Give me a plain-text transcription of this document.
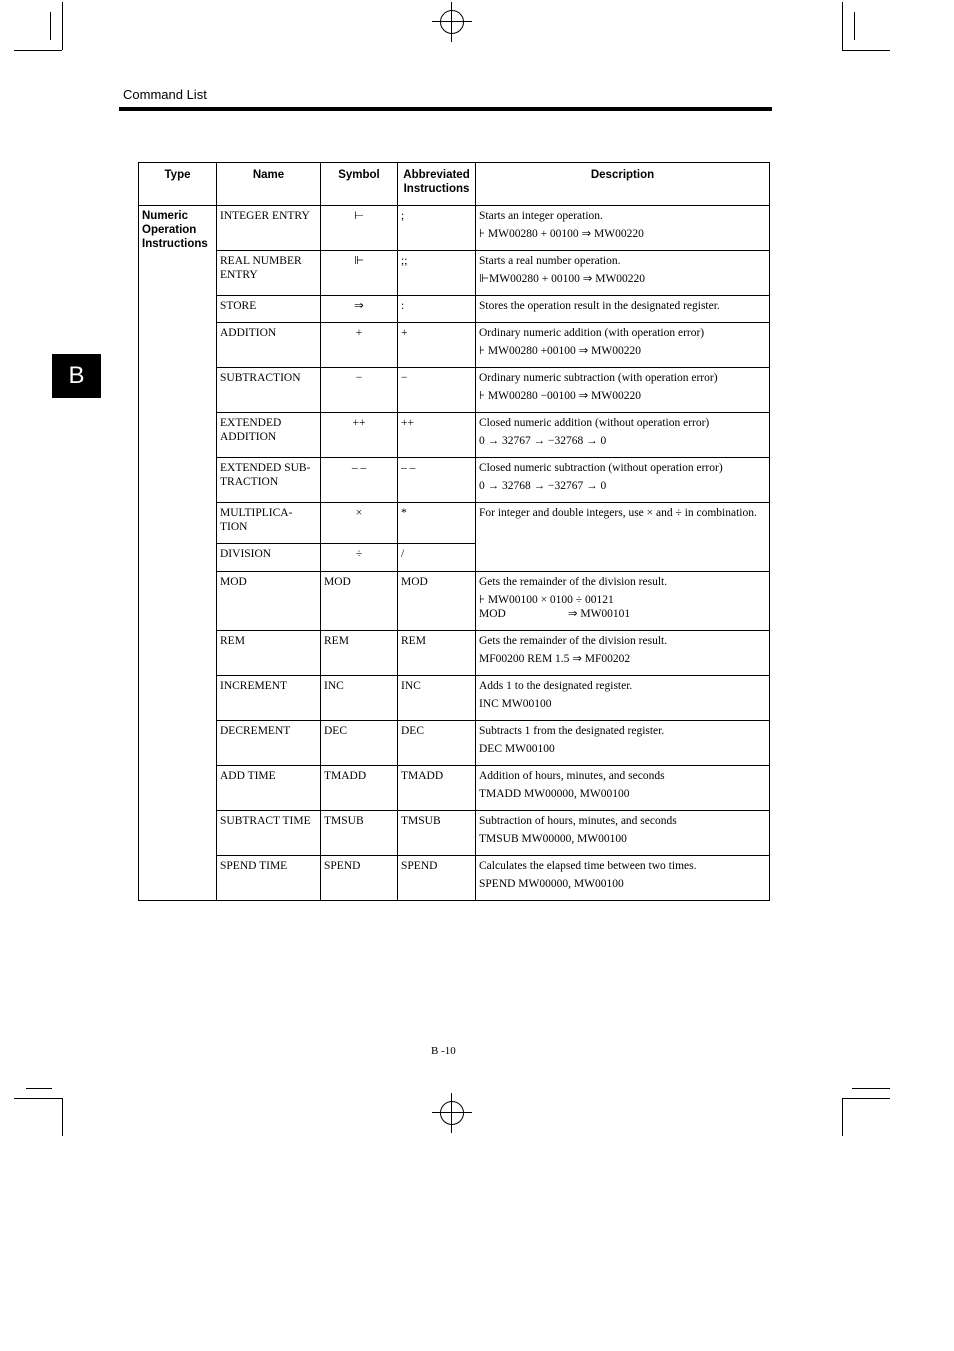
Command List
B
Type	Name	Symbol	Abbreviated Instructions	Description
Numeric Operation Instructions	INTEGER ENTRY	⊢	;	Starts an integer operation.
⊦ MW00280 + 00100 ⇒ MW00220

	REAL NUMBER ENTRY	⊩	;;	Starts a real number operation.
⊩MW00280 + 00100 ⇒ MW00220

	STORE	⇒	:	Stores the operation result in the designated register.

	ADDITION	+	+	Ordinary numeric addition (with operation error)
⊦ MW00280 +00100 ⇒ MW00220

	SUBTRACTION	−	−	Ordinary numeric subtraction (with operation error)
⊦ MW00280 −00100 ⇒ MW00220

	EXTENDED ADDITION	++	++	Closed numeric addition (without operation error)
0 → 32767 → −32768 → 0

	EXTENDED SUB-TRACTION	– –	– –	Closed numeric subtraction (without operation error)
0 → 32768 → −32767 → 0

	MULTIPLICA-TION	×	*	For integer and double integers, use × and ÷ in combination.

	DIVISION	÷	/	
	MOD	MOD	MOD	Gets the remainder of the division result.
⊦ MW00100 × 0100 ÷ 00121
MOD ⇒ MW00101

	REM	REM	REM	Gets the remainder of the division result.
MF00200 REM 1.5 ⇒ MF00202

	INCREMENT	INC	INC	Adds 1 to the designated register.
INC MW00100

	DECREMENT	DEC	DEC	Subtracts 1 from the designated register.
DEC MW00100

	ADD TIME	TMADD	TMADD	Addition of hours, minutes, and seconds
TMADD MW00000, MW00100

	SUBTRACT TIME	TMSUB	TMSUB	Subtraction of hours, minutes, and seconds
TMSUB MW00000, MW00100

	SPEND TIME	SPEND	SPEND	Calculates the elapsed time between two times.
SPEND MW00000, MW00100
B -10
